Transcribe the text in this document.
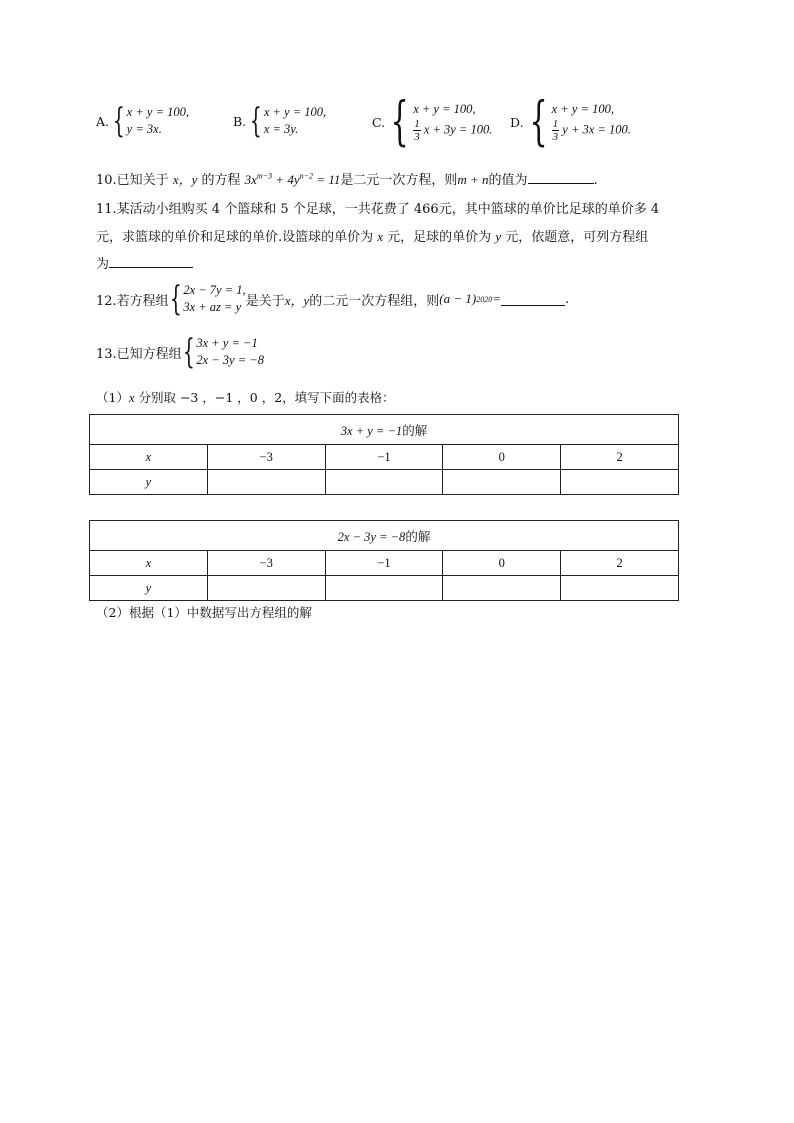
A. { x + y = 100,
y = 3x.
B. { x + y = 100,
x = 3y.	C. { x + y = 100,
$\frac{1}{3}$ x + 3y = 100. D. { x + y = 100,
$\frac{1}{3}$ y + 3x = 100.
10.已知关于 x，y 的方程 $3x^{m-3} + 4y^{n-2} = 11$是二元一次方程，则m + n的值为	.
11.某活动小组购买 4 个篮球和 5 个足球，一共花费了 466元，其中篮球的单价比足球的单价多 4
元，求篮球的单价和足球的单价.设篮球的单价为 x 元，足球的单价为 y 元，依题意，可列方程组
为
12.若方程组 { 2x − 7y = 1,
3x + az = y 是关于 x，y 的二元一次方程组，则 (a − 1) 2020 =	.
13.已知方程组 { 3x + y = −1
2x − 3y = −8
（1）x 分别取 −3 ，−1 ，0 ，2，填写下面的表格：
3x + y = −1的解				
x	−3	−1	0	2
y				
2x − 3y = −8的解				
x	−3	−1	0	2
y				
（2）根据（1）中数据写出方程组的解
